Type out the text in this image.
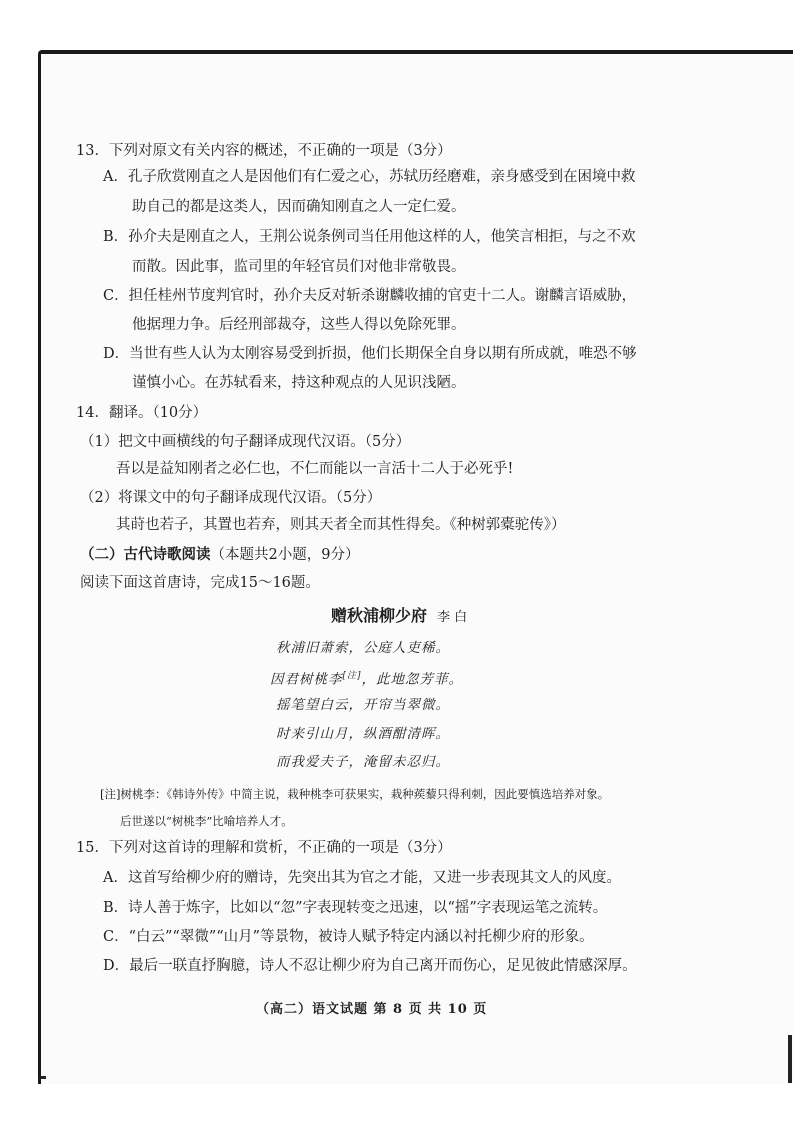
13．下列对原文有关内容的概述，不正确的一项是（3分）
A．孔子欣赏刚直之人是因他们有仁爱之心，苏轼历经磨难，亲身感受到在困境中救
助自己的都是这类人，因而确知刚直之人一定仁爱。
B．孙介夫是刚直之人，王荆公说条例司当任用他这样的人，他笑言相拒，与之不欢
而散。因此事，监司里的年轻官员们对他非常敬畏。
C．担任桂州节度判官时，孙介夫反对斩杀谢麟收捕的官吏十二人。谢麟言语威胁，
他据理力争。后经刑部裁夺，这些人得以免除死罪。
D．当世有些人认为太刚容易受到折损，他们长期保全自身以期有所成就，唯恐不够
谨慎小心。在苏轼看来，持这种观点的人见识浅陋。
14．翻译。（10分）
（1）把文中画横线的句子翻译成现代汉语。（5分）
吾以是益知刚者之必仁也，不仁而能以一言活十二人于必死乎!
（2）将课文中的句子翻译成现代汉语。（5分）
其莳也若子，其置也若弃，则其天者全而其性得矣。《种树郭橐驼传》）
（二）古代诗歌阅读（本题共2小题，9分）
阅读下面这首唐诗，完成15～16题。
赠秋浦柳少府 李 白
秋浦旧萧索，公庭人吏稀。
因君树桃李[注]，此地忽芳菲。
摇笔望白云，开帘当翠微。
时来引山月，纵酒酣清晖。
而我爱夫子，淹留未忍归。
[注]树桃李：《韩诗外传》中简主说，栽种桃李可获果实，栽种蒺藜只得利刺，因此要慎选培养对象。
后世遂以“树桃李”比喻培养人才。
15．下列对这首诗的理解和赏析，不正确的一项是（3分）
A．这首写给柳少府的赠诗，先突出其为官之才能，又进一步表现其文人的风度。
B．诗人善于炼字，比如以“忽”字表现转变之迅速，以“摇”字表现运笔之流转。
C．“白云”“翠微”“山月”等景物，被诗人赋予特定内涵以衬托柳少府的形象。
D．最后一联直抒胸臆，诗人不忍让柳少府为自己离开而伤心，足见彼此情感深厚。
（高二）语文试题 第 8 页 共 10 页
